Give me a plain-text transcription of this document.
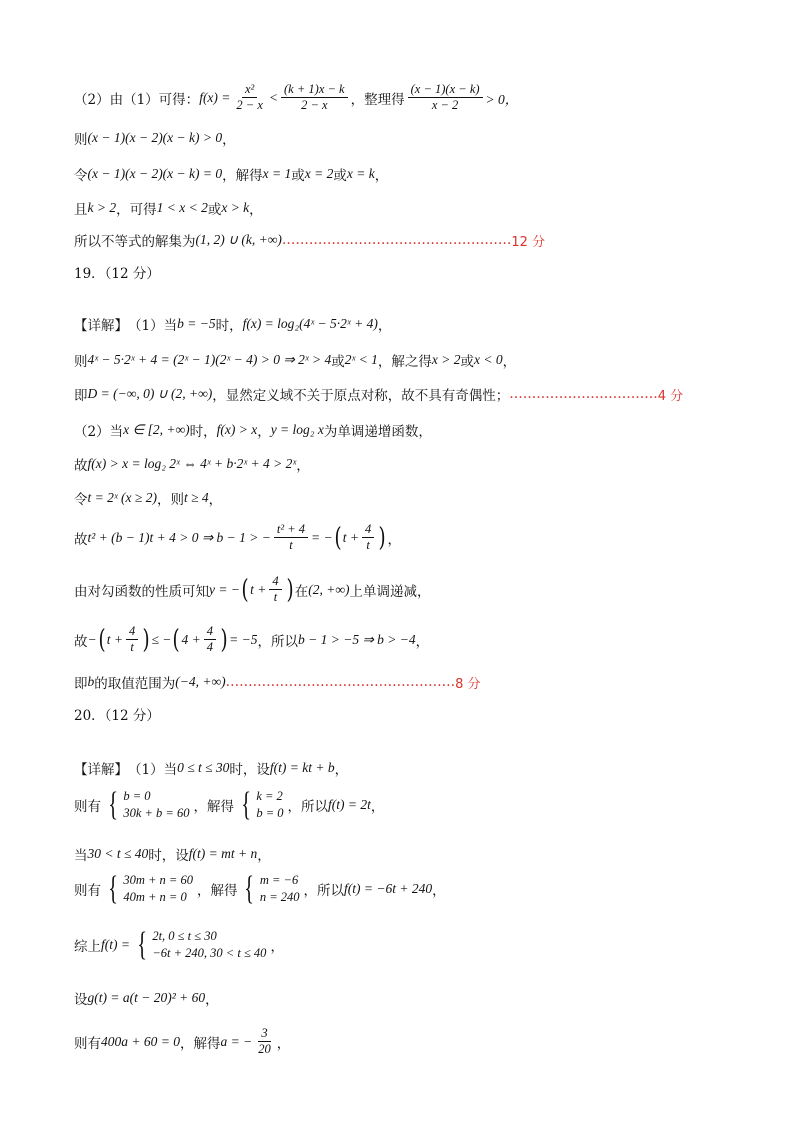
（2）由（1）可得： $f(x) = \frac{\text{x²}}{2 - x} < \frac{(k + 1)x - k}{2 - x}$ ，整理得 $\frac{(x - 1)(x - k)}{x - 2} > 0$，
则 (x − 1)(x − 2)(x − k) > 0 ，
令 (x − 1)(x − 2)(x − k) = 0 ，解得 x = 1 或 x = 2 或 x = k ，
且 k > 2 ，可得 1 < x < 2 或 x > k ，
所以不等式的解集为 (1, 2) ∪ (k, +∞) …………………………………………… 12 分
19．（12 分）
【详解】 （1）当 b = −5 时， f(x) = log₂(4ˣ − 5·2ˣ + 4) ，
则 4ˣ − 5·2ˣ + 4 = (2ˣ − 1)(2ˣ − 4) > 0 ⇒ 2ˣ > 4 或 2ˣ < 1 ，解之得 x > 2 或 x < 0 ，
即 D = (−∞, 0) ∪ (2, +∞) ，显然定义域不关于原点对称，故不具有奇偶性； …………………………… 4 分
（2）当 x ∈ [2, +∞) 时， f(x) > x ， y = log₂ x 为单调递增函数，
故 f(x) > x = log₂ 2ˣ ⇔ 4ˣ + b·2ˣ + 4 > 2ˣ ，
令 t = 2ˣ (x ≥ 2) ，则 t ≥ 4 ，
故 t² + (b − 1)t + 4 > 0 ⇒ b − 1 > − $\frac{\text{t² + 4}}{t}$ = − ( $t + \frac{4}{t}$ ) ，
由对勾函数的性质可知 y = − ( $t + \frac{4}{t}$ ) 在 (2, +∞) 上单调递减，
故 − ( $t + \frac{4}{t}$ ) ≤ − ( $4 + \frac{4}{4}$ ) = −5 ，所以 b − 1 > −5 ⇒ b > −4 ，
即 b 的取值范围为 (−4, +∞) …………………………………………… 8 分
20．（12 分）
【详解】 （1）当 0 ≤ t ≤ 30 时，设 f(t) = kt + b ，
则有 { b = 0
30k + b = 60 ，解得 { k = 2
b = 0 ，所以 f(t) = 2t ，
当 30 < t ≤ 40 时，设 f(t) = mt + n ，
则有 { 30m + n = 60
40m + n = 0 ，解得 { m = −6
n = 240 ，所以 f(t) = −6t + 240 ，
综上 f(t) = { 2t, 0 ≤ t ≤ 30
−6t + 240, 30 < t ≤ 40 ，
设 g(t) = a(t − 20)² + 60 ，
则有 400a + 60 = 0 ，解得 a = − $\frac{3}{20}$ ，
